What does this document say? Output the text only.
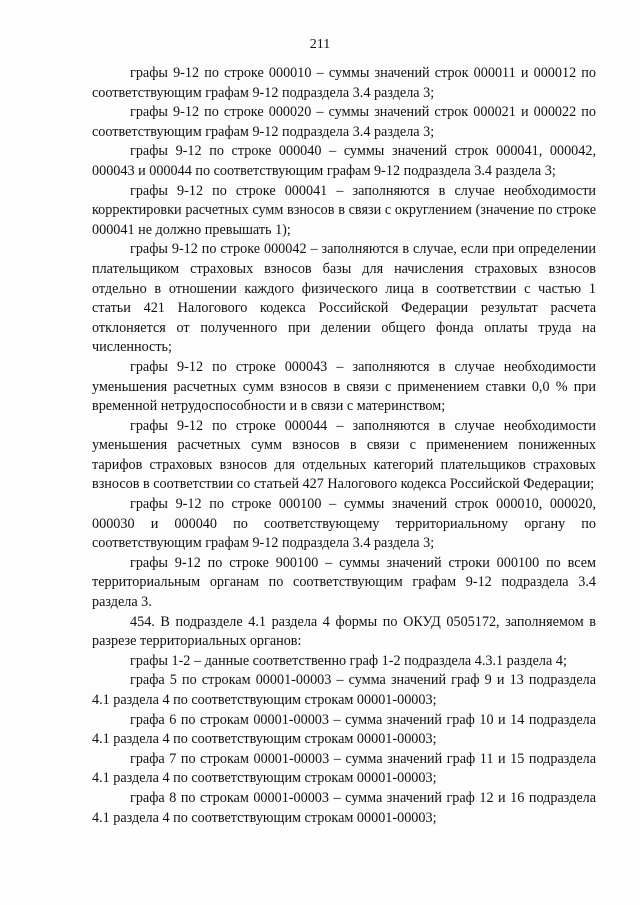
211

графы 9-12 по строке 000010 – суммы значений строк 000011 и 000012 по соответствующим графам 9-12 подраздела 3.4 раздела 3;

графы 9-12 по строке 000020 – суммы значений строк 000021 и 000022 по соответствующим графам 9-12 подраздела 3.4 раздела 3;

графы 9-12 по строке 000040 – суммы значений строк 000041, 000042, 000043 и 000044 по соответствующим графам 9-12 подраздела 3.4 раздела 3;

графы 9-12 по строке 000041 – заполняются в случае необходимости корректировки расчетных сумм взносов в связи с округлением (значение по строке 000041 не должно превышать 1);

графы 9-12 по строке 000042 – заполняются в случае, если при определении плательщиком страховых взносов базы для начисления страховых взносов отдельно в отношении каждого физического лица в соответствии с частью 1 статьи 421 Налогового кодекса Российской Федерации результат расчета отклоняется от полученного при делении общего фонда оплаты труда на численность;

графы 9-12 по строке 000043 – заполняются в случае необходимости уменьшения расчетных сумм взносов в связи с применением ставки 0,0 % при временной нетрудоспособности и в связи с материнством;

графы 9-12 по строке 000044 – заполняются в случае необходимости уменьшения расчетных сумм взносов в связи с применением пониженных тарифов страховых взносов для отдельных категорий плательщиков страховых взносов в соответствии со статьей 427 Налогового кодекса Российской Федерации;

графы 9-12 по строке 000100 – суммы значений строк 000010, 000020, 000030 и 000040 по соответствующему территориальному органу по соответствующим графам 9-12 подраздела 3.4 раздела 3;

графы 9-12 по строке 900100 – суммы значений строки 000100 по всем территориальным органам по соответствующим графам 9-12 подраздела 3.4 раздела 3.

454. В подразделе 4.1 раздела 4 формы по ОКУД 0505172, заполняемом в разрезе территориальных органов:

графы 1-2 – данные соответственно граф 1-2 подраздела 4.3.1 раздела 4;

графа 5 по строкам 00001-00003 – сумма значений граф 9 и 13 подраздела 4.1 раздела 4 по соответствующим строкам 00001-00003;

графа 6 по строкам 00001-00003 – сумма значений граф 10 и 14 подраздела 4.1 раздела 4 по соответствующим строкам 00001-00003;

графа 7 по строкам 00001-00003 – сумма значений граф 11 и 15 подраздела 4.1 раздела 4 по соответствующим строкам 00001-00003;

графа 8 по строкам 00001-00003 – сумма значений граф 12 и 16 подраздела 4.1 раздела 4 по соответствующим строкам 00001-00003;
